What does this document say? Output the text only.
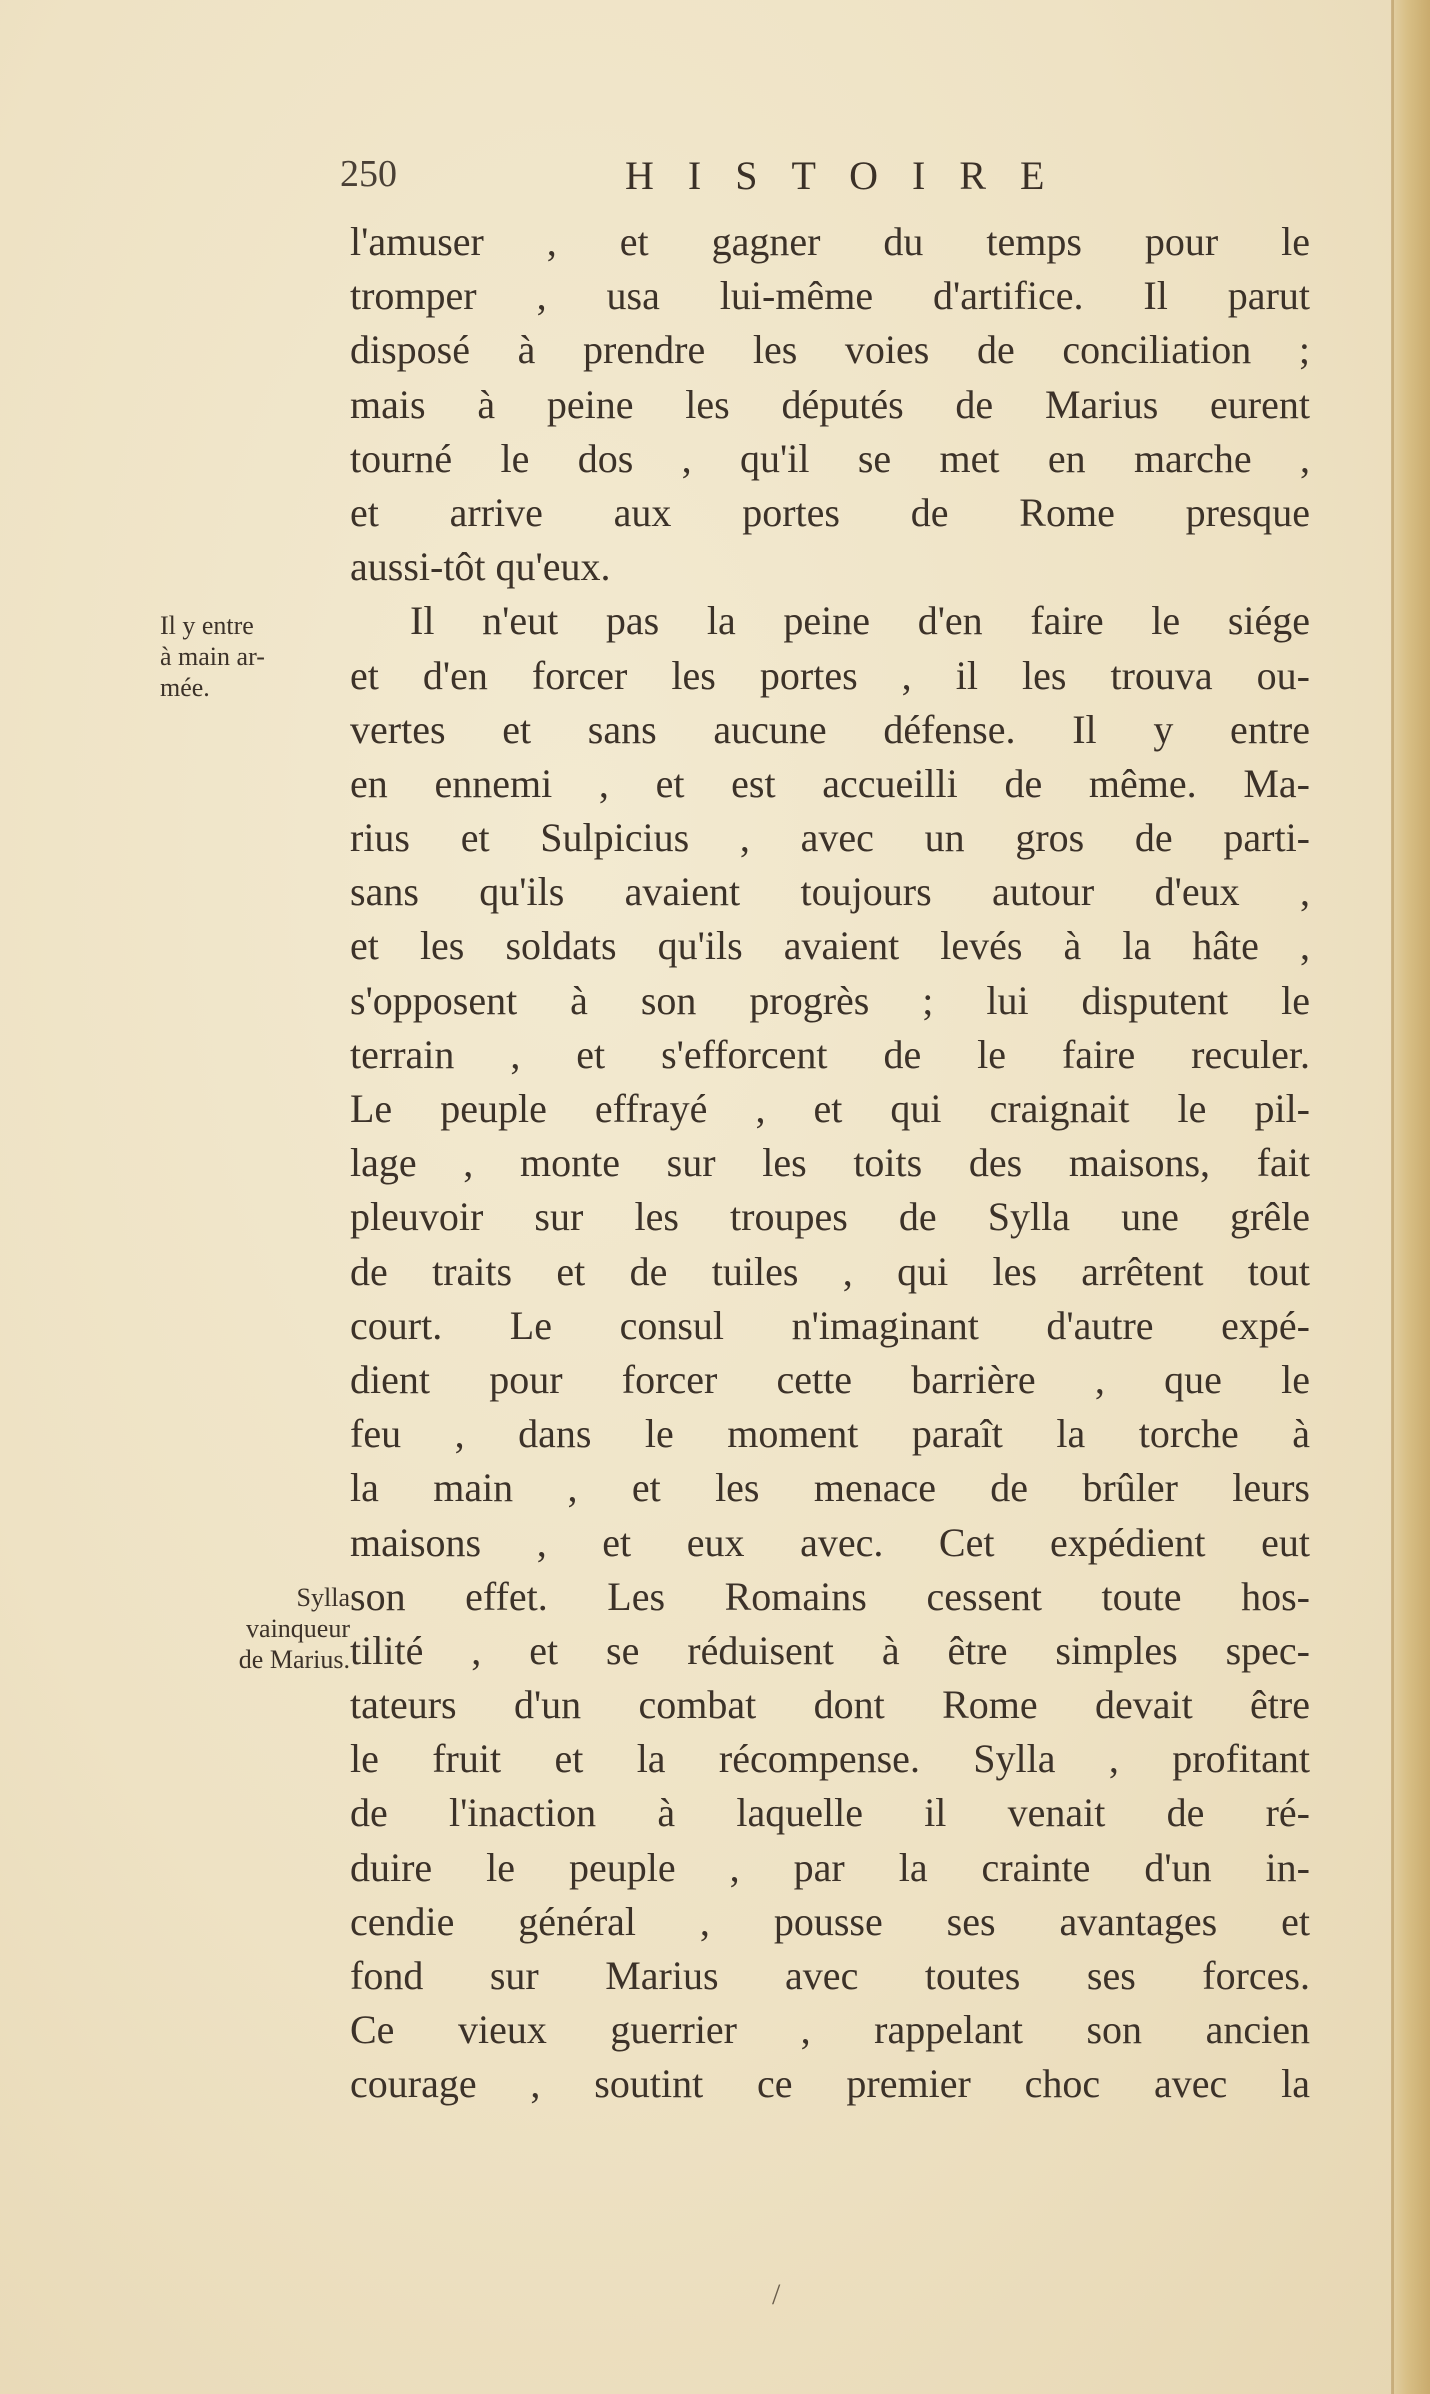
250	HISTOIRE
l'amuser , et gagner du temps pour le
tromper , usa lui-même d'artifice. Il parut
disposé à prendre les voies de conciliation ;
mais à peine les députés de Marius eurent
tourné le dos , qu'il se met en marche ,
et arrive aux portes de Rome presque
aussi-tôt qu'eux.
Il n'eut pas la peine d'en faire le siége
et d'en forcer les portes , il les trouva ou-
vertes et sans aucune défense. Il y entre
en ennemi , et est accueilli de même. Ma-
rius et Sulpicius , avec un gros de parti-
sans qu'ils avaient toujours autour d'eux ,
et les soldats qu'ils avaient levés à la hâte ,
s'opposent à son progrès ; lui disputent le
terrain , et s'efforcent de le faire reculer.
Le peuple effrayé , et qui craignait le pil-
lage , monte sur les toits des maisons, fait
pleuvoir sur les troupes de Sylla une grêle
de traits et de tuiles , qui les arrêtent tout
court. Le consul n'imaginant d'autre expé-
dient pour forcer cette barrière , que le
feu , dans le moment paraît la torche à
la main , et les menace de brûler leurs
maisons , et eux avec. Cet expédient eut
son effet. Les Romains cessent toute hos-
tilité , et se réduisent à être simples spec-
tateurs d'un combat dont Rome devait être
le fruit et la récompense. Sylla , profitant
de l'inaction à laquelle il venait de ré-
duire le peuple , par la crainte d'un in-
cendie général , pousse ses avantages et
fond sur Marius avec toutes ses forces.
Ce vieux guerrier , rappelant son ancien
courage , soutint ce premier choc avec la
Il y entre
à main ar-
mée.
Sylla
vainqueur
de Marius.
/
